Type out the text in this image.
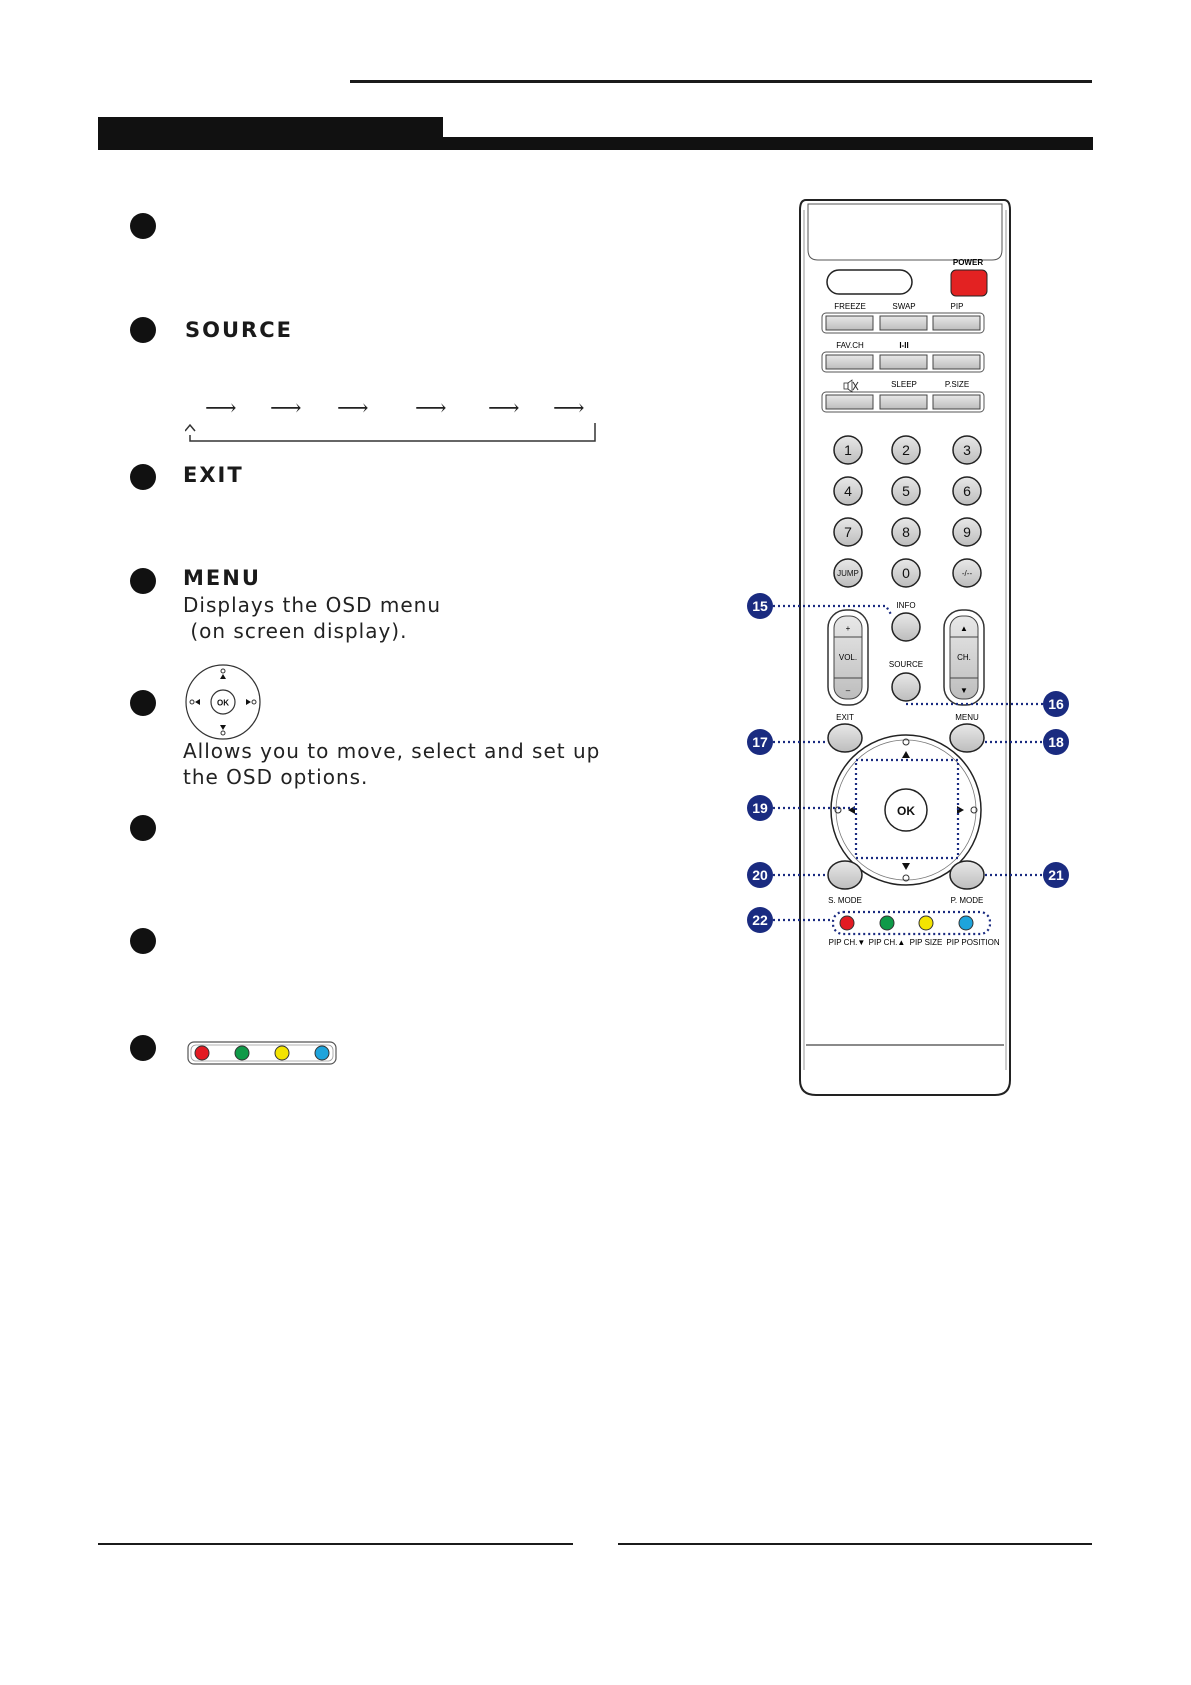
SOURCE
⟶ ⟶ ⟶ ⟶ ⟶ ⟶
EXIT
MENU
Displays the OSD menu
(on screen display).
OK
Allows you to move, select and set up
the OSD options.
POWER
FREEZE	SWAP	PIP
FAV.CH	I-II
SLEEP	P.SIZE
1	2	3
4	5	6
7	8	9
JUMP	0	-/--
+
VOL.
–
▲
CH.
▼
INFO
SOURCE
EXIT	MENU
OK
S. MODE	P. MODE
PIP CH.▼ PIP CH.▲ PIP SIZE PIP POSITION
15
16
17	18
19
20	21
22
